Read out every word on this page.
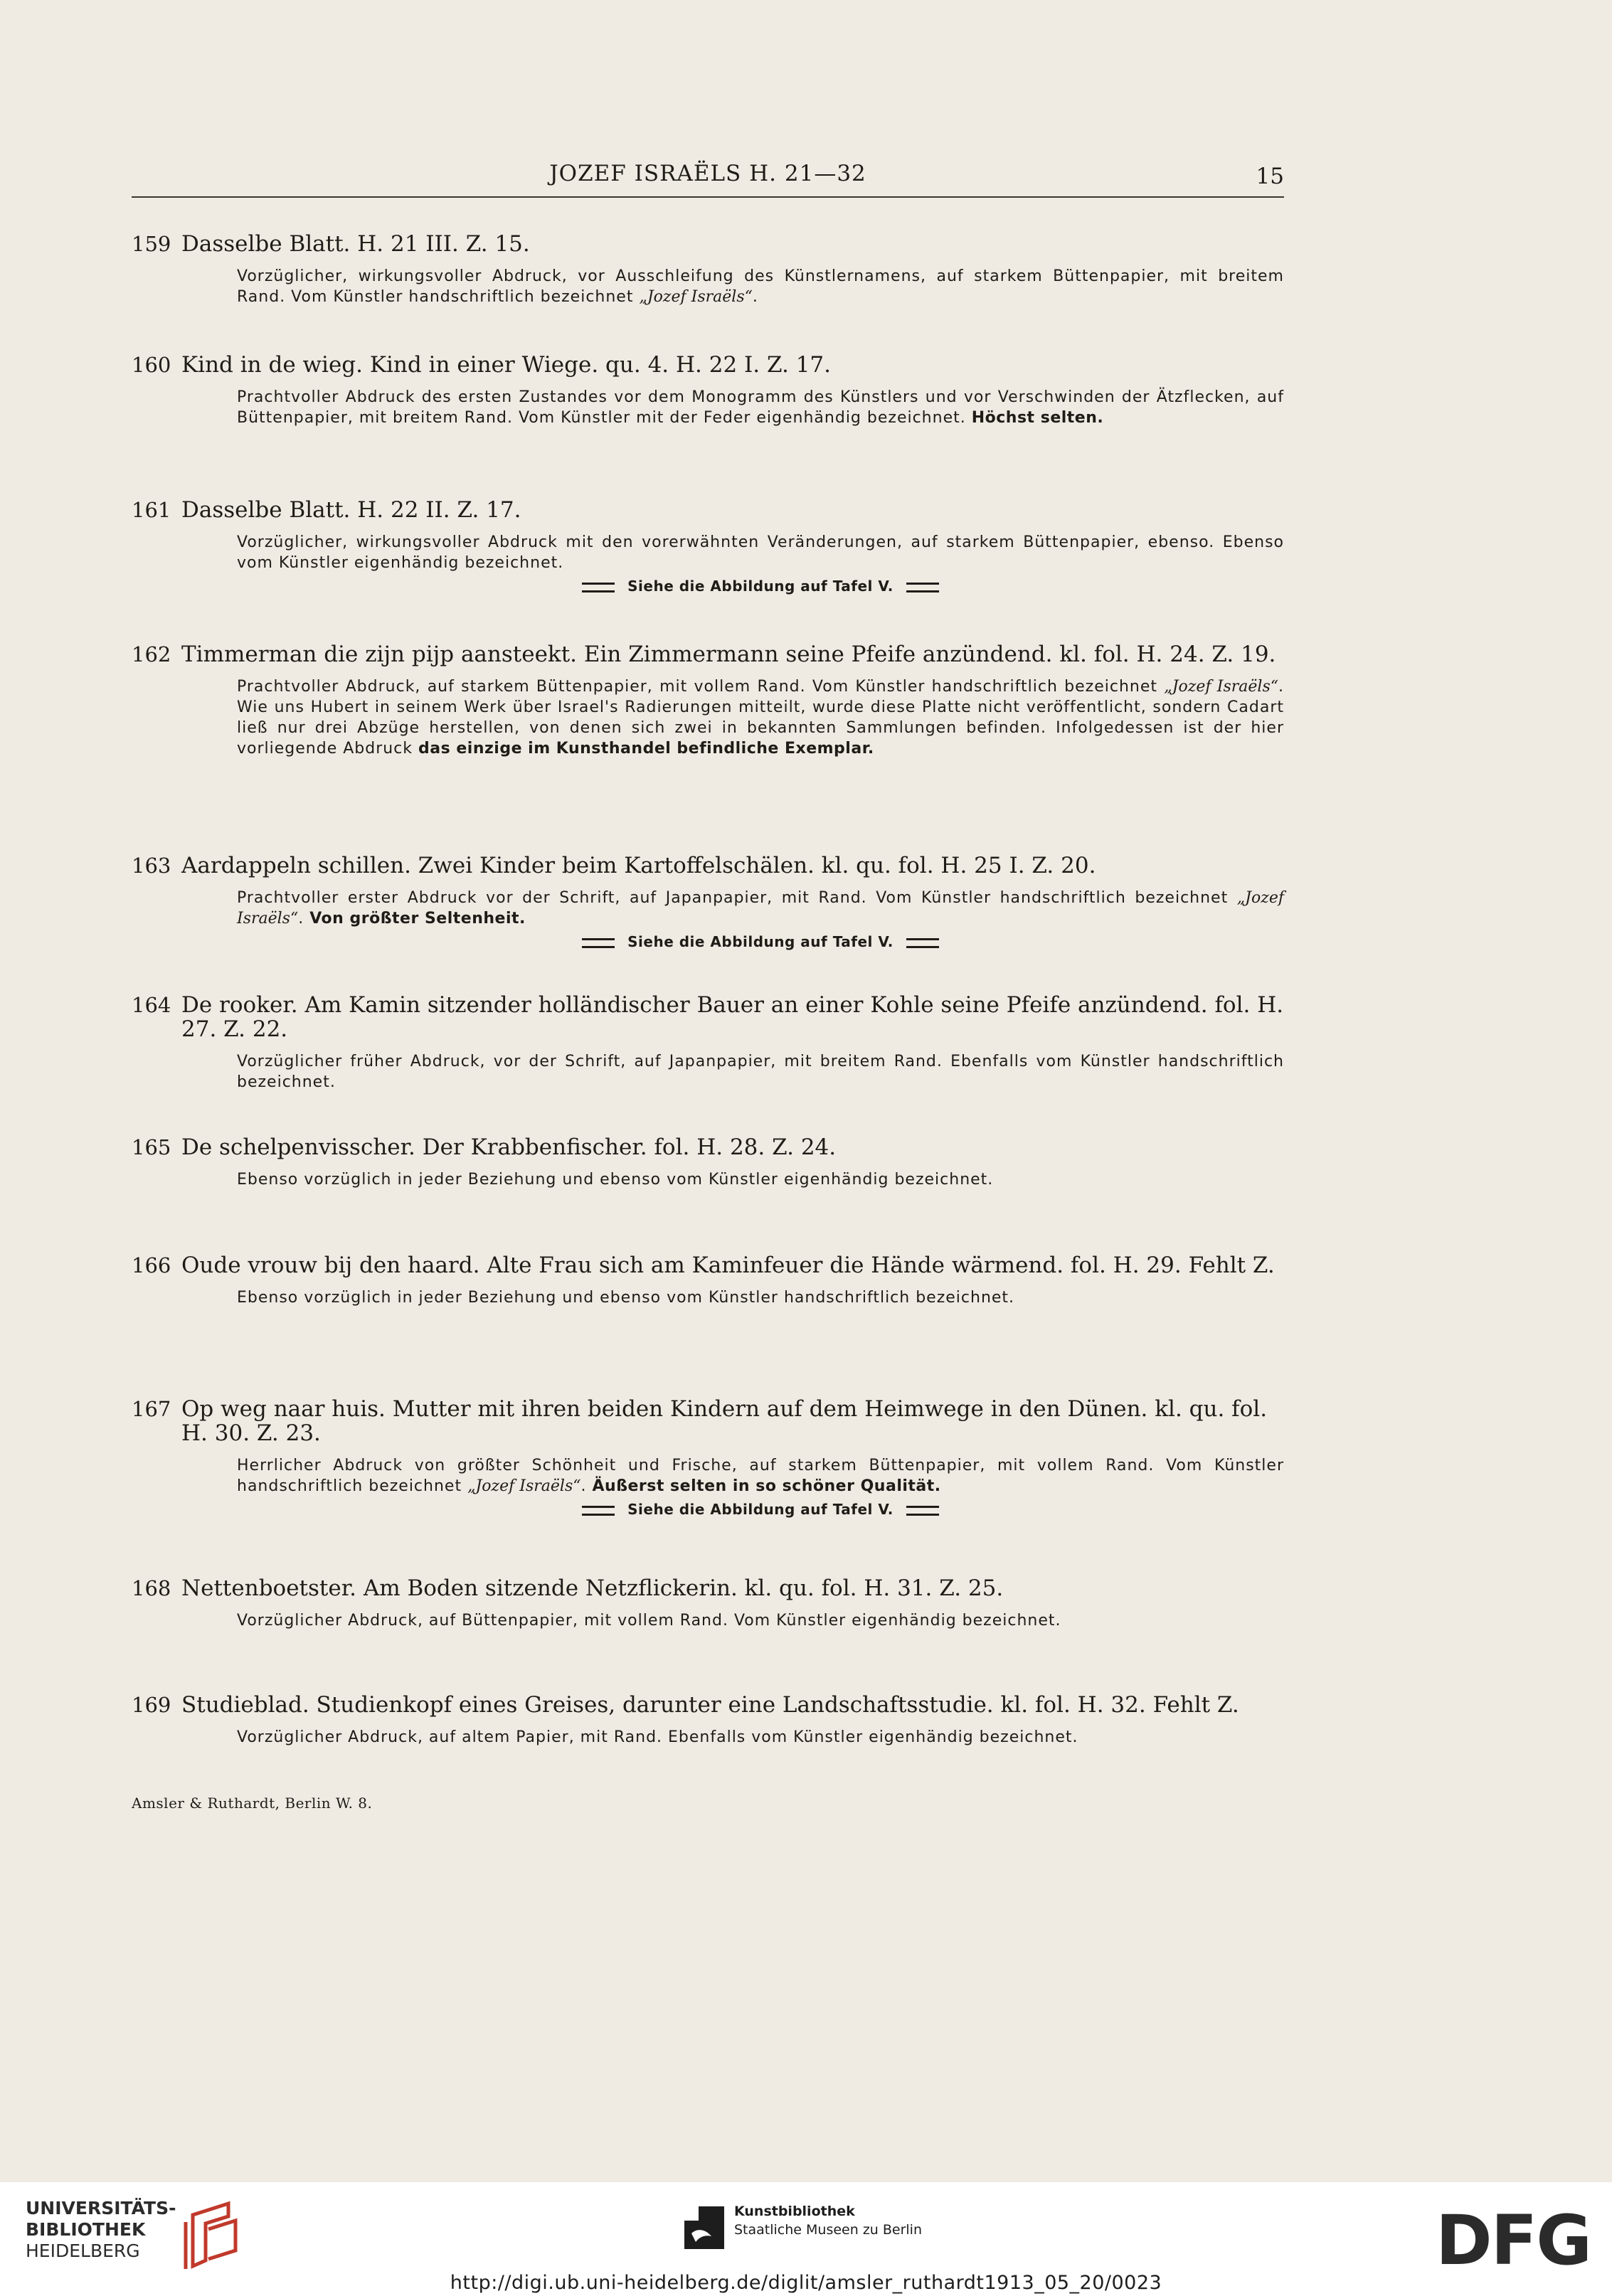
JOZEF ISRAËLS H. 21—32	15
159 Dasselbe Blatt. H. 21 III. Z. 15.
Vorzüglicher, wirkungsvoller Abdruck, vor Ausschleifung des Künstlernamens, auf starkem Büttenpapier, mit breitem Rand. Vom Künstler handschriftlich bezeichnet „Jozef Israëls“.
160 Kind in de wieg. Kind in einer Wiege. qu. 4. H. 22 I. Z. 17.
Prachtvoller Abdruck des ersten Zustandes vor dem Monogramm des Künstlers und vor Verschwinden der Ätzflecken, auf Büttenpapier, mit breitem Rand. Vom Künstler mit der Feder eigenhändig bezeichnet. Höchst selten.
161 Dasselbe Blatt. H. 22 II. Z. 17.
Vorzüglicher, wirkungsvoller Abdruck mit den vorerwähnten Veränderungen, auf starkem Büttenpapier, ebenso. Ebenso vom Künstler eigenhändig bezeichnet.
Siehe die Abbildung auf Tafel V.
162 Timmerman die zijn pijp aansteekt. Ein Zimmermann seine Pfeife anzündend. kl. fol. H. 24. Z. 19.
Prachtvoller Abdruck, auf starkem Büttenpapier, mit vollem Rand. Vom Künstler handschriftlich bezeichnet „Jozef Israëls“. Wie uns Hubert in seinem Werk über Israel's Radierungen mitteilt, wurde diese Platte nicht veröffentlicht, sondern Cadart ließ nur drei Abzüge herstellen, von denen sich zwei in bekannten Sammlungen befinden. Infolgedessen ist der hier vorliegende Abdruck das einzige im Kunsthandel befindliche Exemplar.
163 Aardappeln schillen. Zwei Kinder beim Kartoffelschälen. kl. qu. fol. H. 25 I. Z. 20.
Prachtvoller erster Abdruck vor der Schrift, auf Japanpapier, mit Rand. Vom Künstler handschriftlich bezeichnet „Jozef Israëls“. Von größter Seltenheit.
Siehe die Abbildung auf Tafel V.
164 De rooker. Am Kamin sitzender holländischer Bauer an einer Kohle seine Pfeife anzündend. fol. H. 27. Z. 22.
Vorzüglicher früher Abdruck, vor der Schrift, auf Japanpapier, mit breitem Rand. Ebenfalls vom Künstler handschriftlich bezeichnet.
165 De schelpenvisscher. Der Krabbenfischer. fol. H. 28. Z. 24.
Ebenso vorzüglich in jeder Beziehung und ebenso vom Künstler eigenhändig bezeichnet.
166 Oude vrouw bij den haard. Alte Frau sich am Kaminfeuer die Hände wärmend. fol. H. 29. Fehlt Z.
Ebenso vorzüglich in jeder Beziehung und ebenso vom Künstler handschriftlich bezeichnet.
167 Op weg naar huis. Mutter mit ihren beiden Kindern auf dem Heimwege in den Dünen. kl. qu. fol. H. 30. Z. 23.
Herrlicher Abdruck von größter Schönheit und Frische, auf starkem Büttenpapier, mit vollem Rand. Vom Künstler handschriftlich bezeichnet „Jozef Israëls“. Äußerst selten in so schöner Qualität.
Siehe die Abbildung auf Tafel V.
168 Nettenboetster. Am Boden sitzende Netzflickerin. kl. qu. fol. H. 31. Z. 25.
Vorzüglicher Abdruck, auf Büttenpapier, mit vollem Rand. Vom Künstler eigenhändig bezeichnet.
169 Studieblad. Studienkopf eines Greises, darunter eine Landschaftsstudie. kl. fol. H. 32. Fehlt Z.
Vorzüglicher Abdruck, auf altem Papier, mit Rand. Ebenfalls vom Künstler eigenhändig bezeichnet.
Amsler & Ruthardt, Berlin W. 8.
UNIVERSITÄTS-
BIBLIOTHEK
HEIDELBERG
Kunstbibliothek
Staatliche Museen zu Berlin	DFG
http://digi.ub.uni-heidelberg.de/diglit/amsler_ruthardt1913_05_20/0023
